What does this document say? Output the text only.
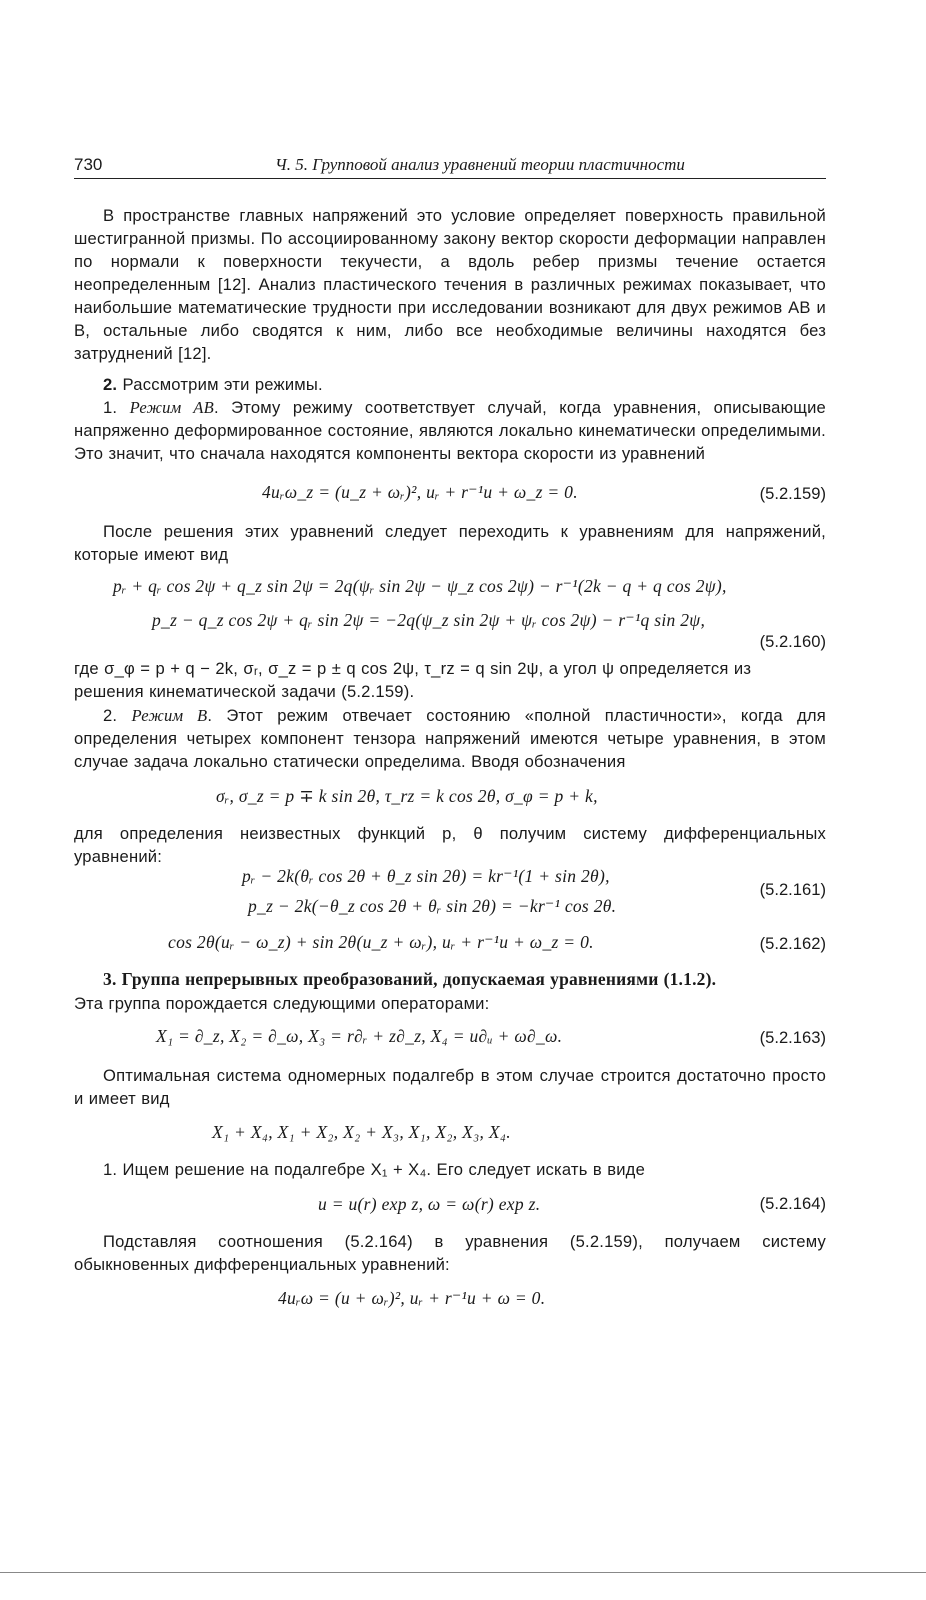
730	Ч. 5. Групповой анализ уравнений теории пластичности
В пространстве главных напряжений это условие определяет поверхность правильной шестигранной призмы. По ассоциированному закону вектор скорости деформации направлен по нормали к поверхности текучести, а вдоль ребер призмы течение остается неопределенным [12]. Анализ пластического течения в различных режимах показывает, что наибольшие математические трудности при исследовании возникают для двух режимов AB и B, остальные либо сводятся к ним, либо все необходимые величины находятся без затруднений [12].
2. Рассмотрим эти режимы.
1. Режим AB. Этому режиму соответствует случай, когда уравнения, описывающие напряженно деформированное состояние, являются локально кинематически определимыми. Это значит, что сначала находятся компоненты вектора скорости из уравнений
4uᵣω_z = (u_z + ωᵣ)², uᵣ + r⁻¹u + ω_z = 0.	(5.2.159)
После решения этих уравнений следует переходить к уравнениям для напряжений, которые имеют вид
pᵣ + qᵣ cos 2ψ + q_z sin 2ψ = 2q(ψᵣ sin 2ψ − ψ_z cos 2ψ) − r⁻¹(2k − q + q cos 2ψ),
p_z − q_z cos 2ψ + qᵣ sin 2ψ = −2q(ψ_z sin 2ψ + ψᵣ cos 2ψ) − r⁻¹q sin 2ψ,
(5.2.160)
где σ_φ = p + q − 2k, σᵣ, σ_z = p ± q cos 2ψ, τ_rz = q sin 2ψ, а угол ψ определяется из
решения кинематической задачи (5.2.159).
2. Режим B. Этот режим отвечает состоянию «полной пластичности», когда для определения четырех компонент тензора напряжений имеются четыре уравнения, в этом случае задача локально статически определима. Вводя обозначения
σᵣ, σ_z = p ∓ k sin 2θ, τ_rz = k cos 2θ, σ_φ = p + k,
для определения неизвестных функций p, θ получим систему дифференциальных уравнений:
pᵣ − 2k(θᵣ cos 2θ + θ_z sin 2θ) = kr⁻¹(1 + sin 2θ),
p_z − 2k(−θ_z cos 2θ + θᵣ sin 2θ) = −kr⁻¹ cos 2θ.
(5.2.161)
cos 2θ(uᵣ − ω_z) + sin 2θ(u_z + ωᵣ), uᵣ + r⁻¹u + ω_z = 0.	(5.2.162)
3. Группа непрерывных преобразований, допускаемая уравнениями (1.1.2).
Эта группа порождается следующими операторами:
X₁ = ∂_z, X₂ = ∂_ω, X₃ = r∂ᵣ + z∂_z, X₄ = u∂ᵤ + ω∂_ω.	(5.2.163)
Оптимальная система одномерных подалгебр в этом случае строится достаточно просто и имеет вид
X₁ + X₄, X₁ + X₂, X₂ + X₃, X₁, X₂, X₃, X₄.
1. Ищем решение на подалгебре X₁ + X₄. Его следует искать в виде
u = u(r) exp z, ω = ω(r) exp z.	(5.2.164)
Подставляя соотношения (5.2.164) в уравнения (5.2.159), получаем систему обыкновенных дифференциальных уравнений:
4uᵣω = (u + ωᵣ)², uᵣ + r⁻¹u + ω = 0.
